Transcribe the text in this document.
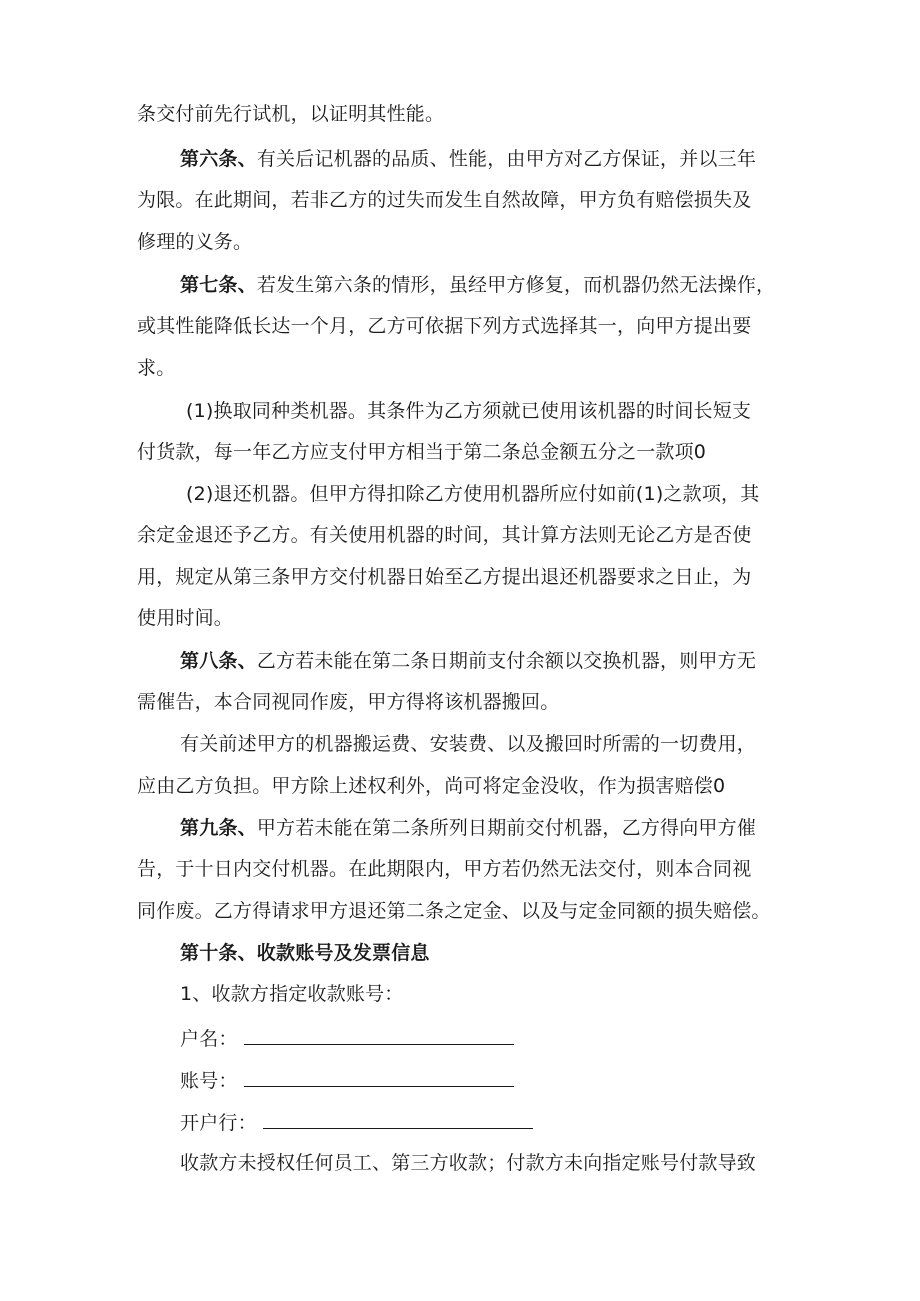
条交付前先行试机，以证明其性能。
第六条、有关后记机器的品质、性能，由甲方对乙方保证，并以三年
为限。在此期间，若非乙方的过失而发生自然故障，甲方负有赔偿损失及
修理的义务。
第七条、若发生第六条的情形，虽经甲方修复，而机器仍然无法操作，
或其性能降低长达一个月，乙方可依据下列方式选择其一，向甲方提出要
求。
(1)换取同种类机器。其条件为乙方须就已使用该机器的时间长短支
付货款，每一年乙方应支付甲方相当于第二条总金额五分之一款项0
(2)退还机器。但甲方得扣除乙方使用机器所应付如前(1)之款项，其
余定金退还予乙方。有关使用机器的时间，其计算方法则无论乙方是否使
用，规定从第三条甲方交付机器日始至乙方提出退还机器要求之日止，为
使用时间。
第八条、乙方若未能在第二条日期前支付余额以交换机器，则甲方无
需催告，本合同视同作废，甲方得将该机器搬回。
有关前述甲方的机器搬运费、安装费、以及搬回时所需的一切费用，
应由乙方负担。甲方除上述权利外，尚可将定金没收，作为损害赔偿0
第九条、甲方若未能在第二条所列日期前交付机器，乙方得向甲方催
告，于十日内交付机器。在此期限内，甲方若仍然无法交付，则本合同视
同作废。乙方得请求甲方退还第二条之定金、以及与定金同额的损失赔偿。
第十条、收款账号及发票信息
1、收款方指定收款账号：
户名：
账号：
开户行：
收款方未授权任何员工、第三方收款；付款方未向指定账号付款导致
